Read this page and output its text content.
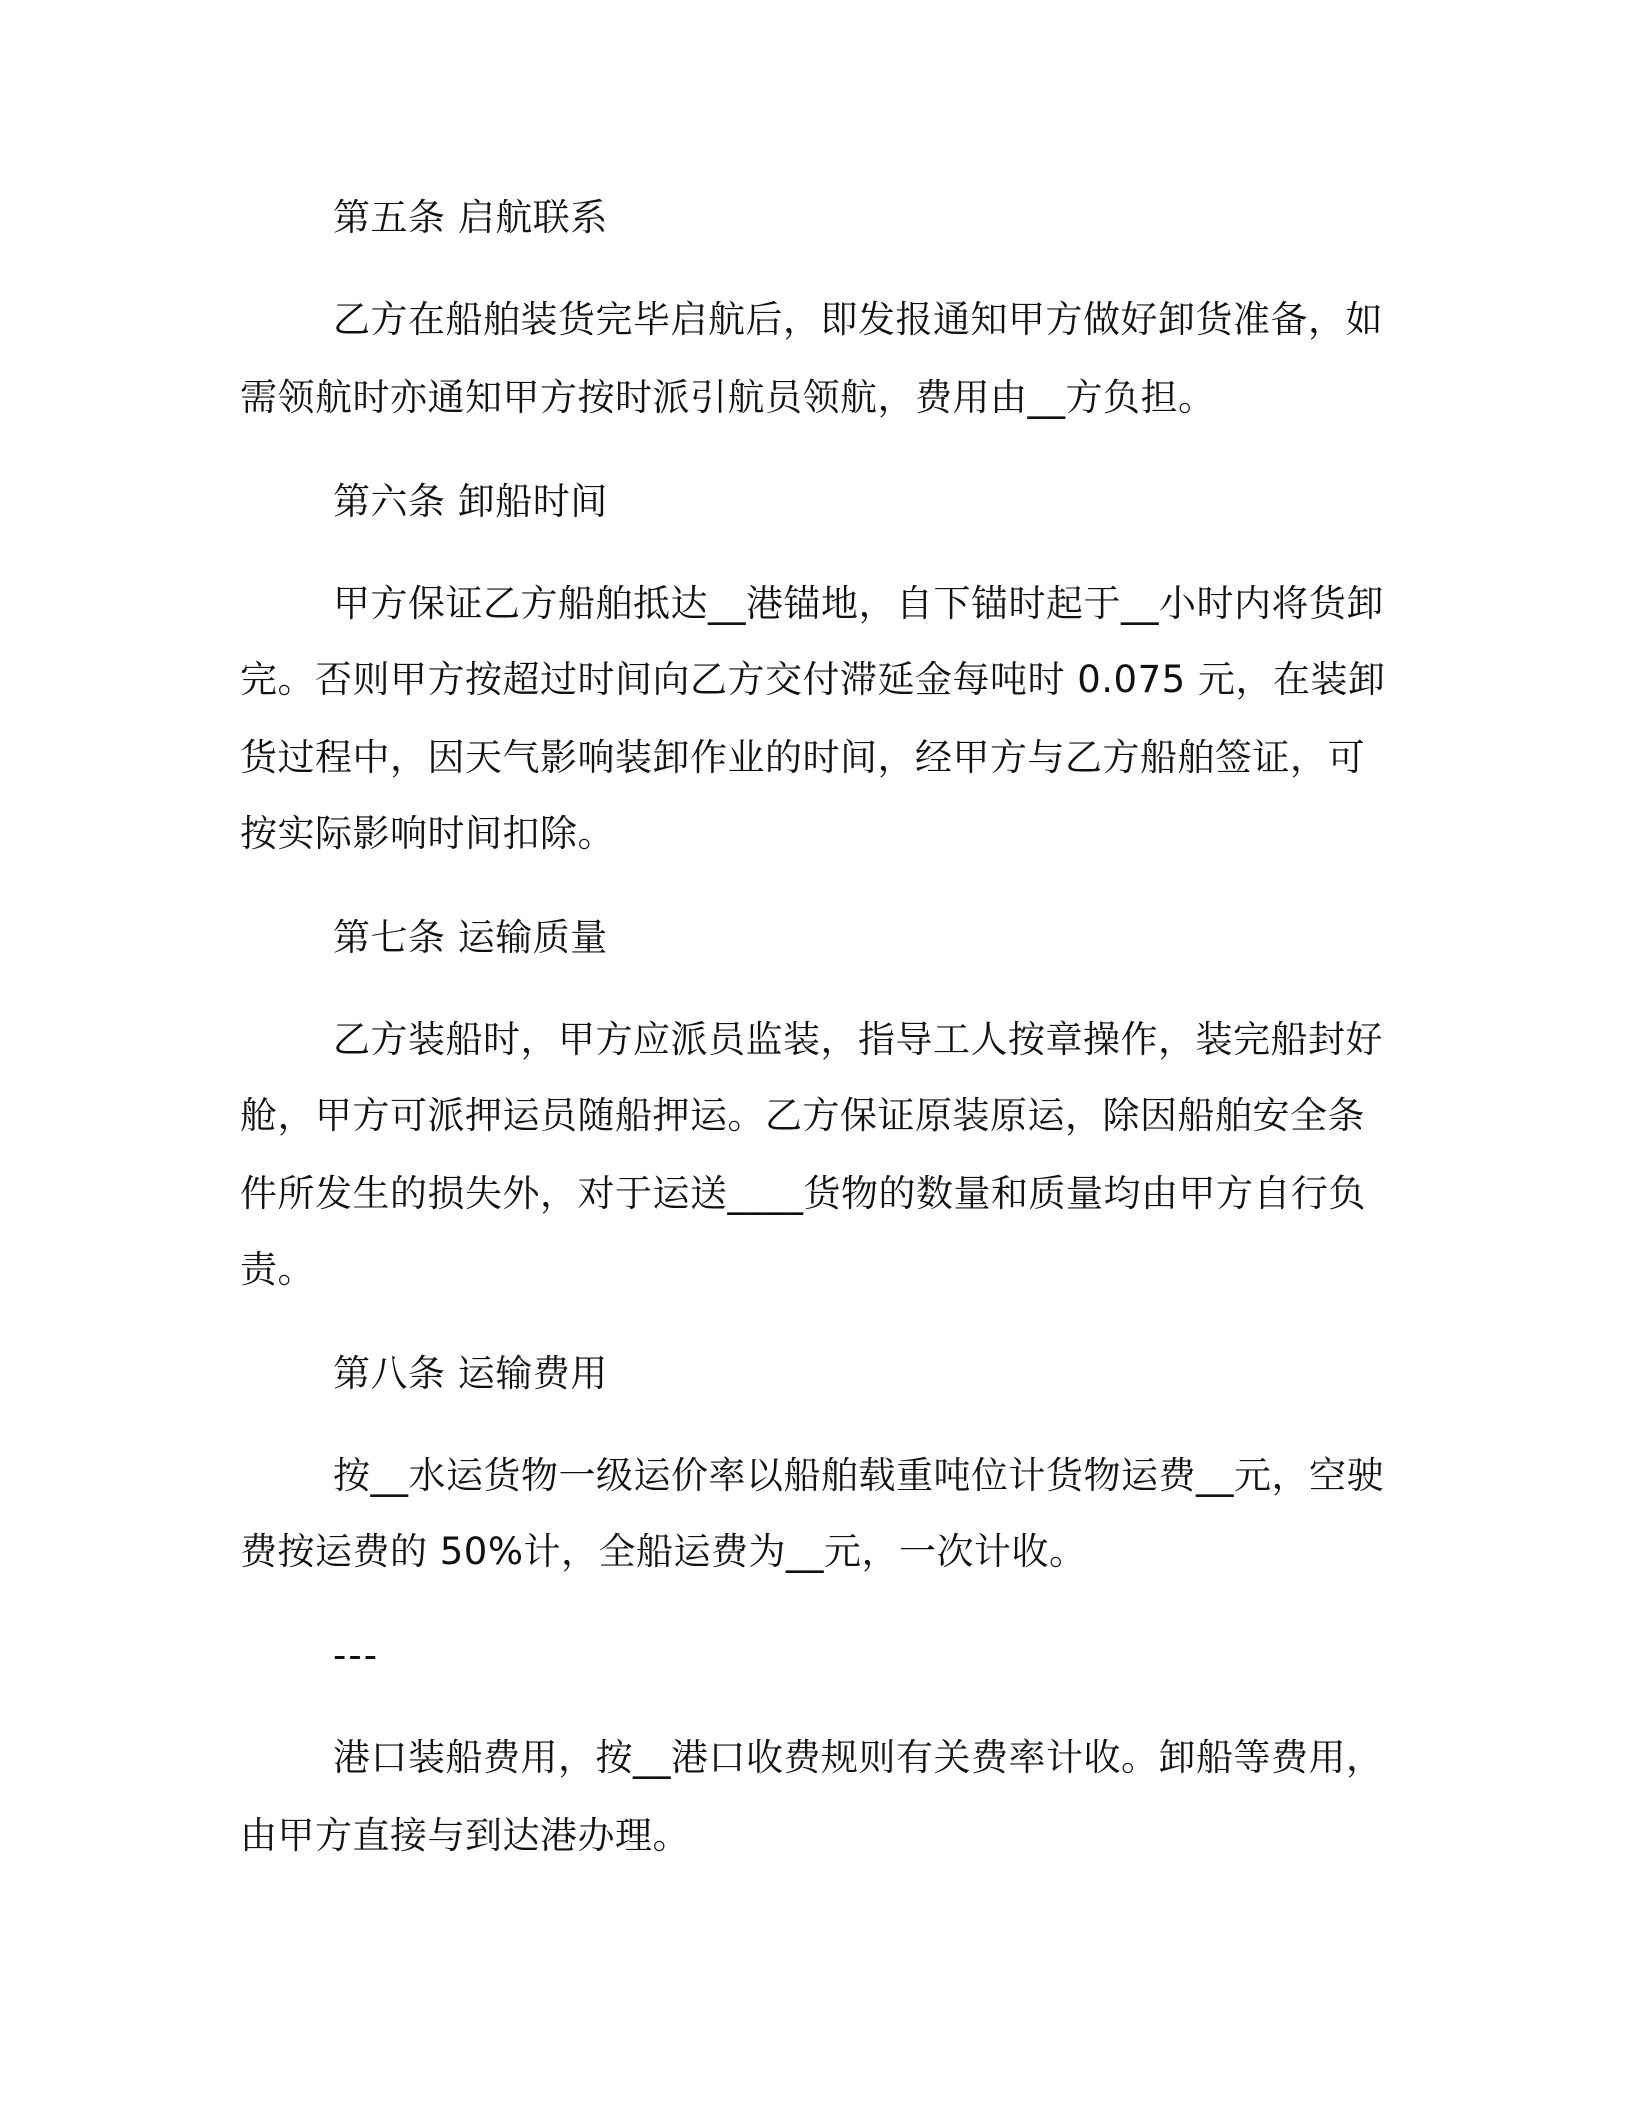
第五条 启航联系
乙方在船舶装货完毕启航后，即发报通知甲方做好卸货准备，如
需领航时亦通知甲方按时派引航员领航，费用由__方负担。
第六条 卸船时间
甲方保证乙方船舶抵达__港锚地，自下锚时起于__小时内将货卸
完。否则甲方按超过时间向乙方交付滞延金每吨时 0.075 元，在装卸
货过程中，因天气影响装卸作业的时间，经甲方与乙方船舶签证，可
按实际影响时间扣除。
第七条 运输质量
乙方装船时，甲方应派员监装，指导工人按章操作，装完船封好
舱，甲方可派押运员随船押运。乙方保证原装原运，除因船舶安全条
件所发生的损失外，对于运送____货物的数量和质量均由甲方自行负
责。
第八条 运输费用
按__水运货物一级运价率以船舶载重吨位计货物运费__元，空驶
费按运费的 50%计，全船运费为__元，一次计收。
---
港口装船费用，按__港口收费规则有关费率计收。卸船等费用，
由甲方直接与到达港办理。
